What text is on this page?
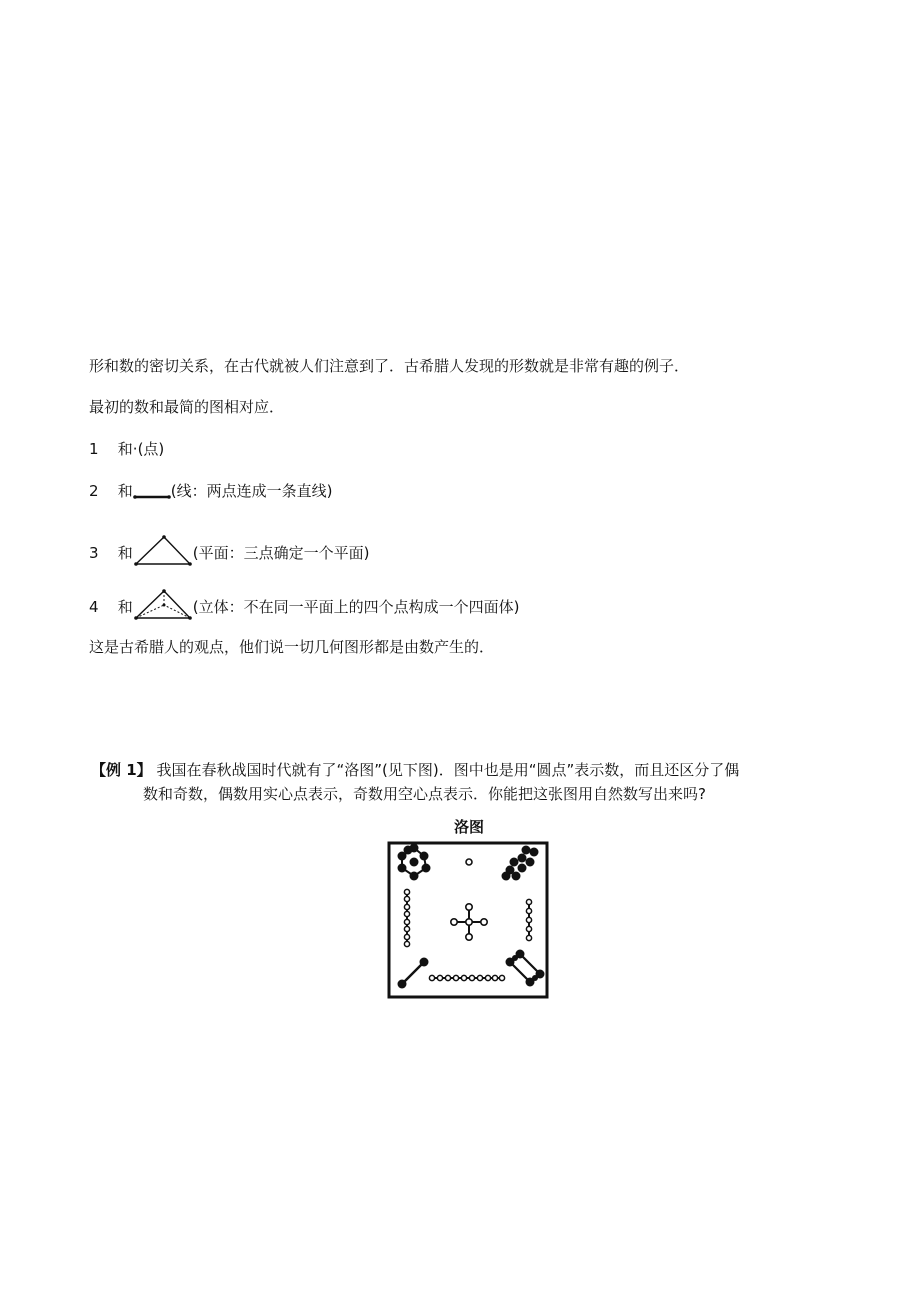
形和数的密切关系，在古代就被人们注意到了．古希腊人发现的形数就是非常有趣的例子．
最初的数和最简的图相对应．
1 和·(点)
2 和	(线：两点连成一条直线)
3 和	(平面：三点确定一个平面)
4 和	(立体：不在同一平面上的四个点构成一个四面体)
这是古希腊人的观点，他们说一切几何图形都是由数产生的．
【例 1】 我国在春秋战国时代就有了“洛图”(见下图)．图中也是用“圆点”表示数，而且还区分了偶
数和奇数，偶数用实心点表示，奇数用空心点表示．你能把这张图用自然数写出来吗?
洛图
